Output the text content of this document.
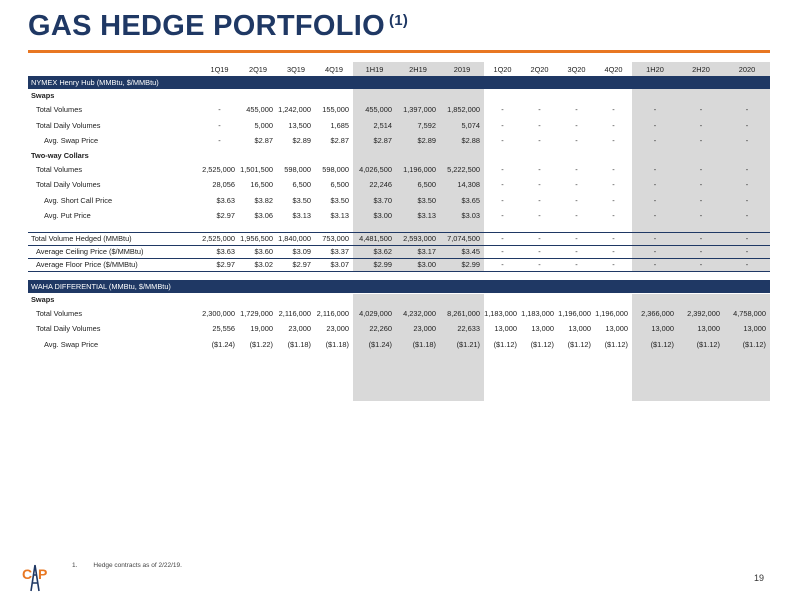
GAS HEDGE PORTFOLIO $^{(1)}$
	1Q19	2Q19	3Q19	4Q19	1H19	2H19	2019	1Q20	2Q20	3Q20	4Q20	1H20	2H20	2020
NYMEX Henry Hub (MMBtu, $/MMBtu)														
Swaps														
Total Volumes	-	455,000	1,242,000	155,000	455,000	1,397,000	1,852,000	-	-	-	-	-	-	-
Total Daily Volumes	-	5,000	13,500	1,685	2,514	7,592	5,074	-	-	-	-	-	-	-
Avg. Swap Price	-	$2.87	$2.89	$2.87	$2.87	$2.89	$2.88	-	-	-	-	-	-	-
Two-way Collars														
Total Volumes	2,525,000	1,501,500	598,000	598,000	4,026,500	1,196,000	5,222,500	-	-	-	-	-	-	-
Total Daily Volumes	28,056	16,500	6,500	6,500	22,246	6,500	14,308	-	-	-	-	-	-	-
Avg. Short Call Price	$3.63	$3.82	$3.50	$3.50	$3.70	$3.50	$3.65	-	-	-	-	-	-	-
Avg. Put Price	$2.97	$3.06	$3.13	$3.13	$3.00	$3.13	$3.03	-	-	-	-	-	-	-

Total Volume Hedged (MMBtu)	2,525,000	1,956,500	1,840,000	753,000	4,481,500	2,593,000	7,074,500	-	-	-	-	-	-	-
Average Ceiling Price ($/MMBtu)	$3.63	$3.60	$3.09	$3.37	$3.62	$3.17	$3.45	-	-	-	-	-	-	-
Average Floor Price ($/MMBtu)	$2.97	$3.02	$2.97	$3.07	$2.99	$3.00	$2.99	-	-	-	-	-	-	-

WAHA DIFFERENTIAL (MMBtu, $/MMBtu)														
Swaps														
Total Volumes	2,300,000	1,729,000	2,116,000	2,116,000	4,029,000	4,232,000	8,261,000	1,183,000	1,183,000	1,196,000	1,196,000	2,366,000	2,392,000	4,758,000
Total Daily Volumes	25,556	19,000	23,000	23,000	22,260	23,000	22,633	13,000	13,000	13,000	13,000	13,000	13,000	13,000
Avg. Swap Price	($1.24)	($1.22)	($1.18)	($1.18)	($1.24)	($1.18)	($1.21)	($1.12)	($1.12)	($1.12)	($1.12)	($1.12)	($1.12)	($1.12)
C P
1. Hedge contracts as of 2/22/19.
19
